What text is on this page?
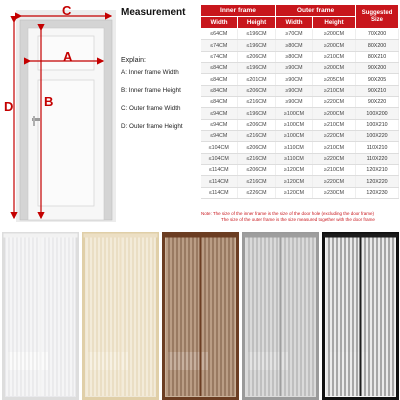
C
A
D B
Measurement
Explain:
A: Inner frame Width
B: Inner frame Height
C: Outer frame Width
D: Outer frame Height
Inner frame		Outer frame		Suggested Size
Width	Height	Width	Height	
≤64CM	≤196CM	≥70CM	≥200CM	70X200
≤74CM	≤196CM	≥80CM	≥200CM	80X200
≤74CM	≤206CM	≥80CM	≥210CM	80X210
≤84CM	≤196CM	≥90CM	≥200CM	90X200
≤84CM	≤201CM	≥90CM	≥205CM	90X205
≤84CM	≤206CM	≥90CM	≥210CM	90X210
≤84CM	≤216CM	≥90CM	≥220CM	90X220
≤94CM	≤196CM	≥100CM	≥200CM	100X200
≤94CM	≤206CM	≥100CM	≥210CM	100X210
≤94CM	≤216CM	≥100CM	≥220CM	100X220
≤104CM	≤206CM	≥110CM	≥210CM	110X210
≤104CM	≤216CM	≥110CM	≥220CM	110X220
≤114CM	≤206CM	≥120CM	≥210CM	120X210
≤114CM	≤216CM	≥120CM	≥220CM	120X220
≤114CM	≤226CM	≥120CM	≥230CM	120X230

Note: The size of the inner frame is the size of the door hole (excluding the door frame)

The size of the outer frame is the size measured together with the door frame
